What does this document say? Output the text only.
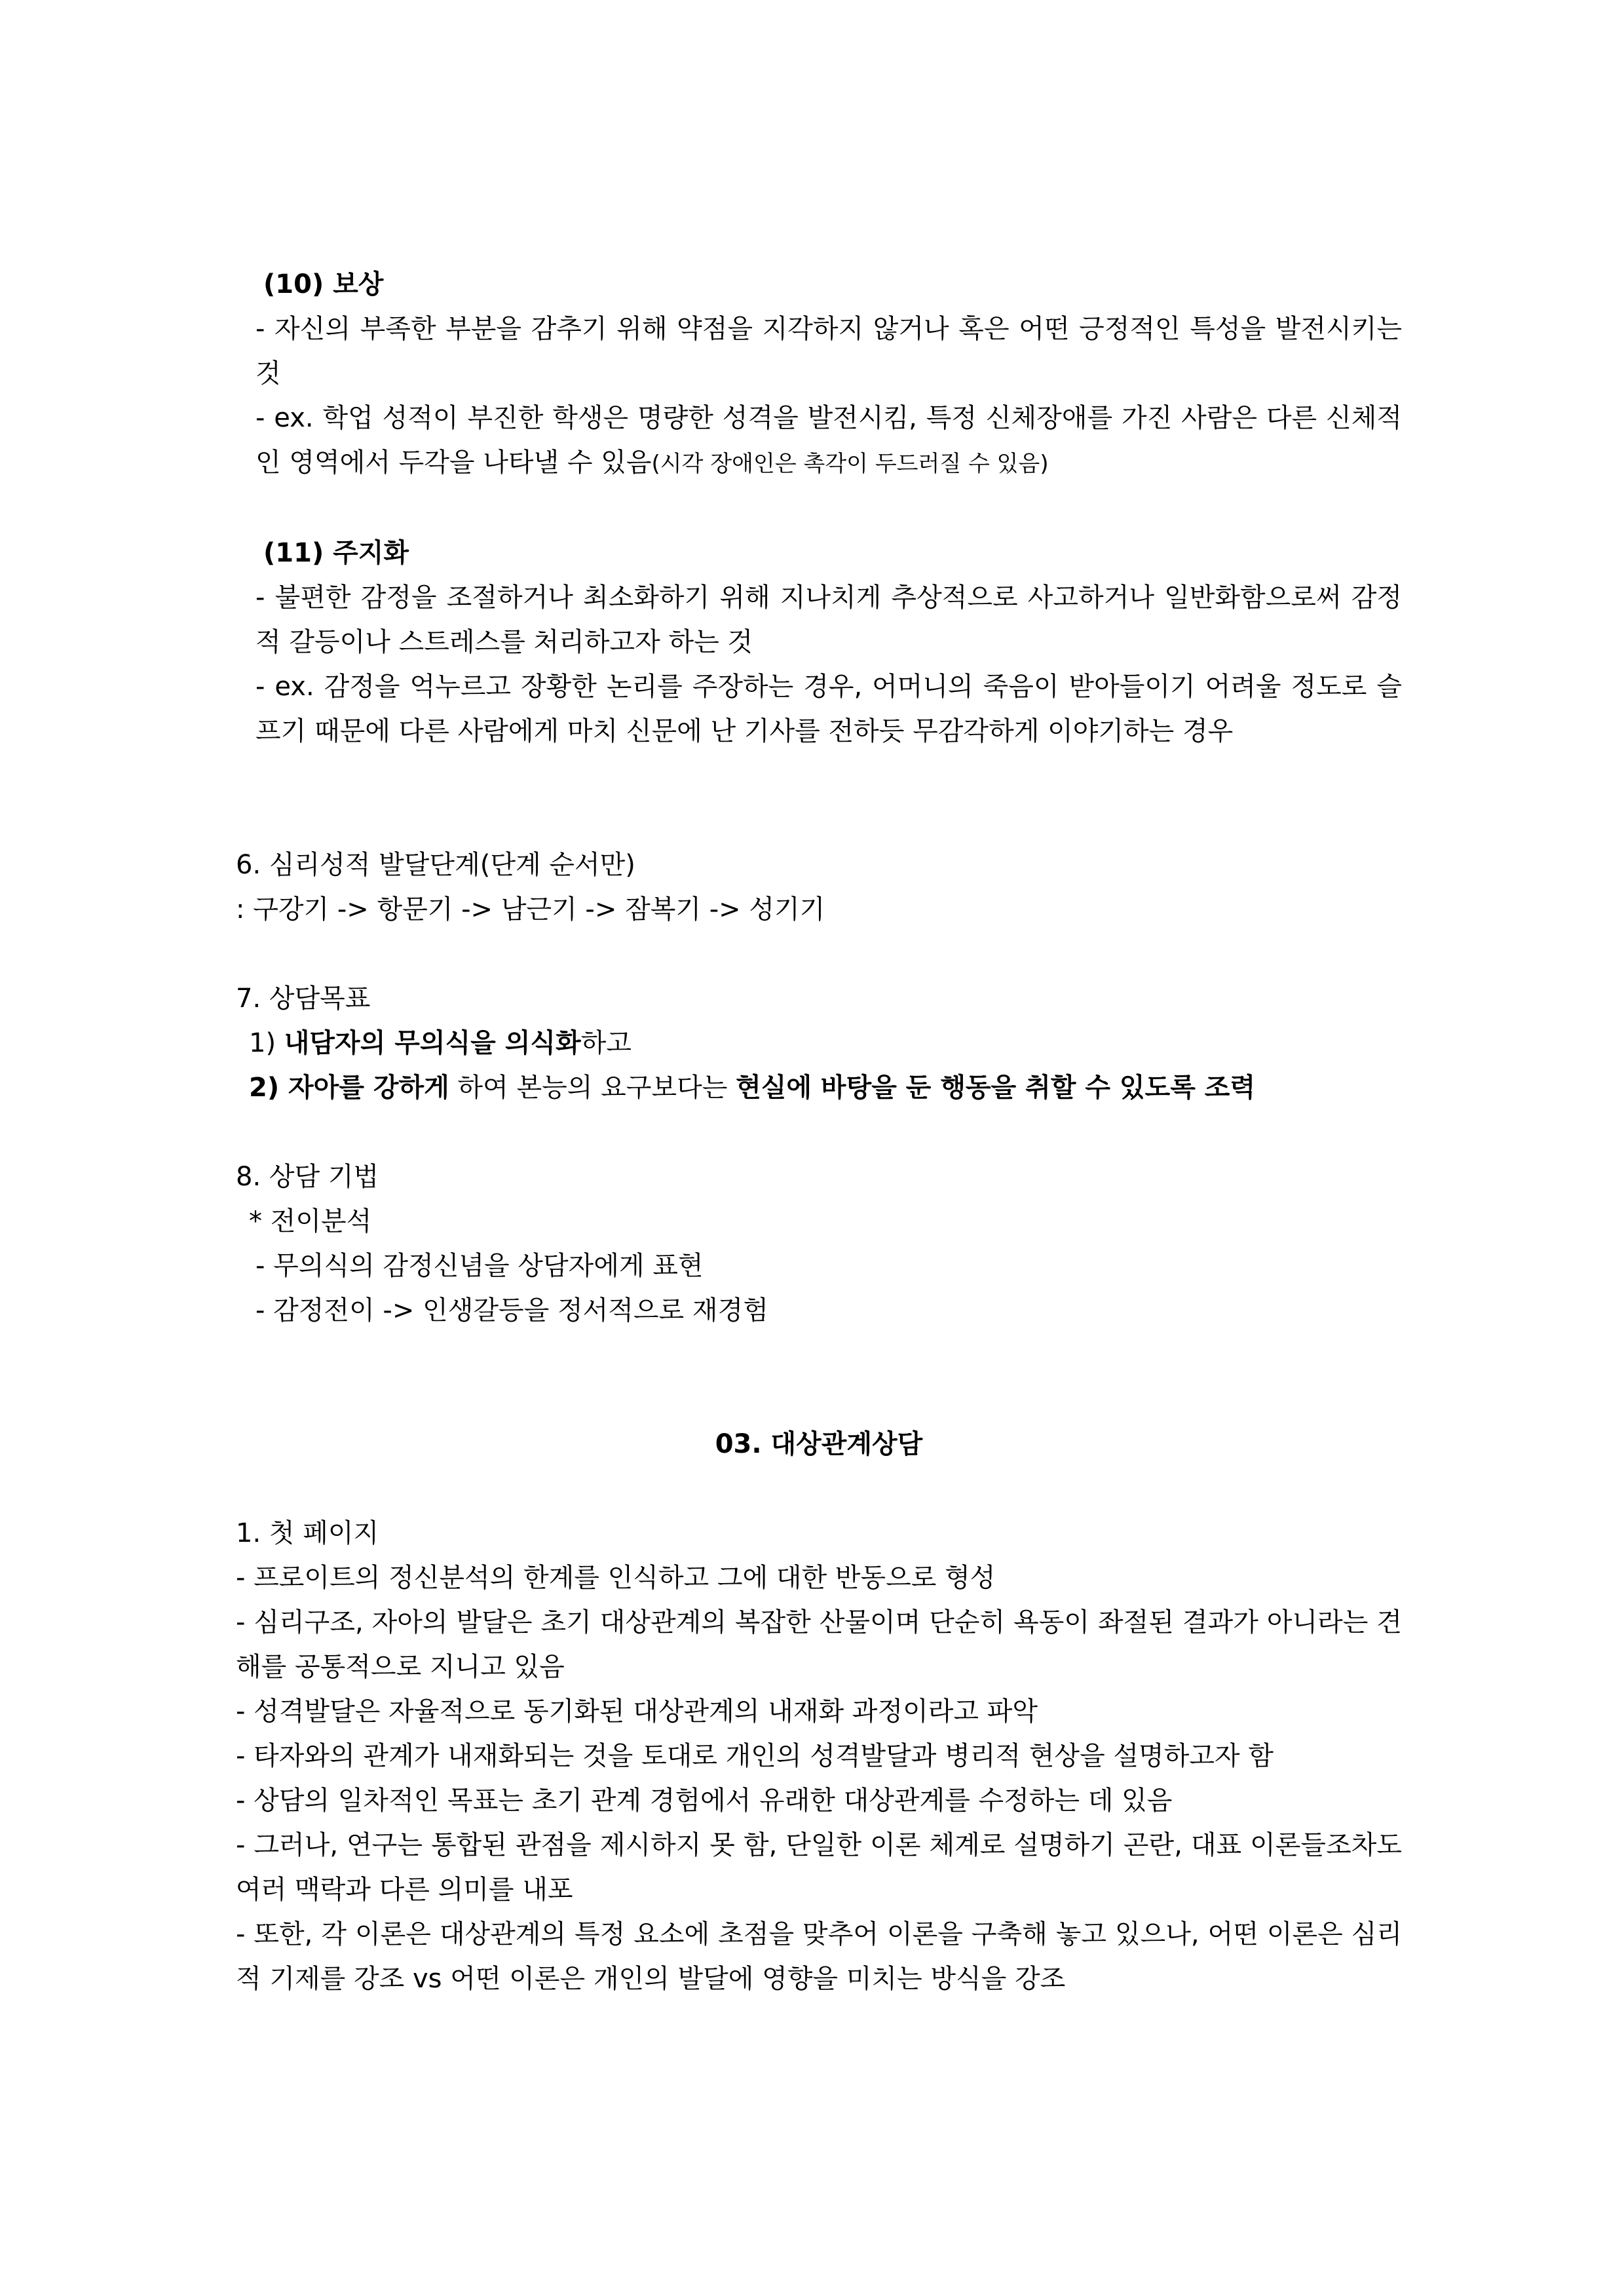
(10) 보상
- 자신의 부족한 부분을 감추기 위해 약점을 지각하지 않거나 혹은 어떤 긍정적인 특성을 발전시키는 것
- ex. 학업 성적이 부진한 학생은 명량한 성격을 발전시킴, 특정 신체장애를 가진 사람은 다른 신체적인 영역에서 두각을 나타낼 수 있음(시각 장애인은 촉각이 두드러질 수 있음)
(11) 주지화
- 불편한 감정을 조절하거나 최소화하기 위해 지나치게 추상적으로 사고하거나 일반화함으로써 감정적 갈등이나 스트레스를 처리하고자 하는 것
- ex. 감정을 억누르고 장황한 논리를 주장하는 경우, 어머니의 죽음이 받아들이기 어려울 정도로 슬프기 때문에 다른 사람에게 마치 신문에 난 기사를 전하듯 무감각하게 이야기하는 경우
6. 심리성적 발달단계(단계 순서만)
: 구강기 -> 항문기 -> 남근기 -> 잠복기 -> 성기기
7. 상담목표
1) 내담자의 무의식을 의식화하고
2) 자아를 강하게 하여 본능의 요구보다는 현실에 바탕을 둔 행동을 취할 수 있도록 조력
8. 상담 기법
* 전이분석
- 무의식의 감정신념을 상담자에게 표현
- 감정전이 -> 인생갈등을 정서적으로 재경험
03. 대상관계상담
1. 첫 페이지
- 프로이트의 정신분석의 한계를 인식하고 그에 대한 반동으로 형성
- 심리구조, 자아의 발달은 초기 대상관계의 복잡한 산물이며 단순히 욕동이 좌절된 결과가 아니라는 견해를 공통적으로 지니고 있음
- 성격발달은 자율적으로 동기화된 대상관계의 내재화 과정이라고 파악
- 타자와의 관계가 내재화되는 것을 토대로 개인의 성격발달과 병리적 현상을 설명하고자 함
- 상담의 일차적인 목표는 초기 관계 경험에서 유래한 대상관계를 수정하는 데 있음
- 그러나, 연구는 통합된 관점을 제시하지 못 함, 단일한 이론 체계로 설명하기 곤란, 대표 이론들조차도 여러 맥락과 다른 의미를 내포
- 또한, 각 이론은 대상관계의 특정 요소에 초점을 맞추어 이론을 구축해 놓고 있으나, 어떤 이론은 심리적 기제를 강조 vs 어떤 이론은 개인의 발달에 영향을 미치는 방식을 강조
